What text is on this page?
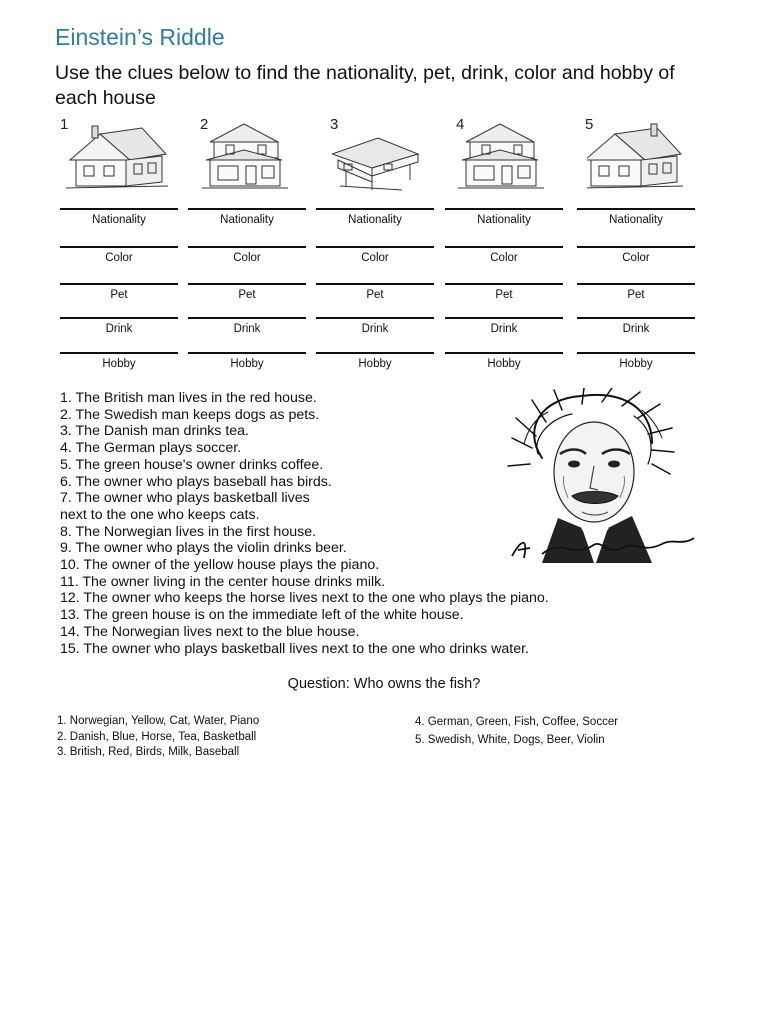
Einstein’s Riddle
Use the clues below to find the nationality, pet, drink, color and hobby of each house
1	2	3	4	5
Nationality
Color
Pet
Drink
Hobby
Nationality
Color
Pet
Drink
Hobby
Nationality
Color
Pet
Drink
Hobby
Nationality
Color
Pet
Drink
Hobby
Nationality
Color
Pet
Drink
Hobby
1. The British man lives in the red house.
2. The Swedish man keeps dogs as pets.
3. The Danish man drinks tea.
4. The German plays soccer.
5. The green house's owner drinks coffee.
6. The owner who plays baseball has birds.
7. The owner who plays basketball lives
next to the one who keeps cats.
8. The Norwegian lives in the first house.
9. The owner who plays the violin drinks beer.
10. The owner of the yellow house plays the piano.
11. The owner living in the center house drinks milk.
12. The owner who keeps the horse lives next to the one who plays the piano.
13. The green house is on the immediate left of the white house.
14. The Norwegian lives next to the blue house.
15. The owner who plays basketball lives next to the one who drinks water.
Question: Who owns the fish?
1. Norwegian, Yellow, Cat, Water, Piano
2. Danish, Blue, Horse, Tea, Basketball
3. British, Red, Birds, Milk, Baseball
4. German, Green, Fish, Coffee, Soccer
5. Swedish, White, Dogs, Beer, Violin
